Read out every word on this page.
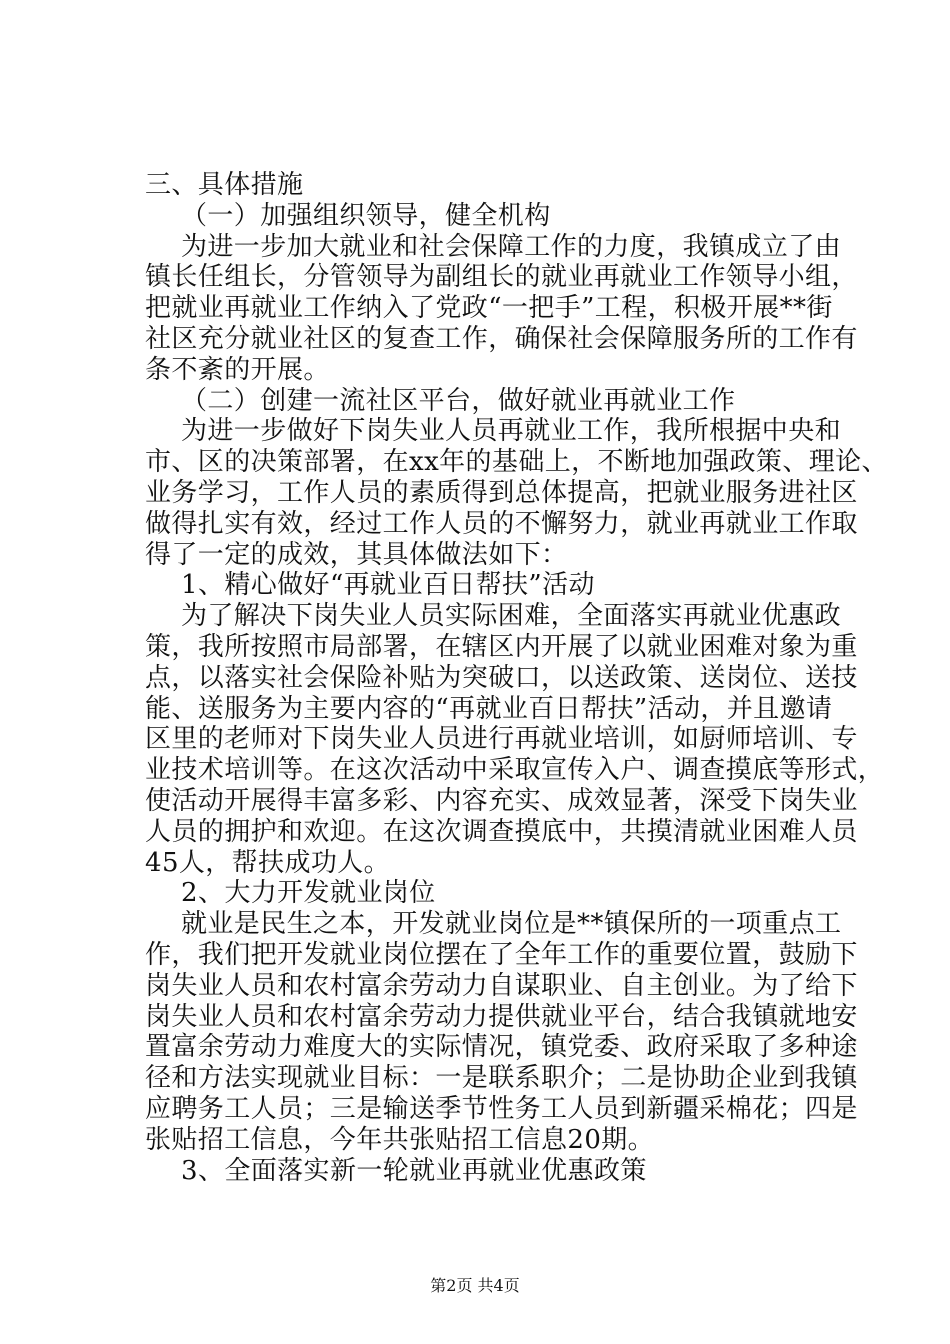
三、具体措施
（一）加强组织领导，健全机构
为进一步加大就业和社会保障工作的力度，我镇成立了由
镇长任组长，分管领导为副组长的就业再就业工作领导小组，
把就业再就业工作纳入了党政“一把手”工程，积极开展**街
社区充分就业社区的复查工作，确保社会保障服务所的工作有
条不紊的开展。
（二）创建一流社区平台，做好就业再就业工作
为进一步做好下岗失业人员再就业工作，我所根据中央和
市、区的决策部署，在xx年的基础上，不断地加强政策、理论、
业务学习，工作人员的素质得到总体提高，把就业服务进社区
做得扎实有效，经过工作人员的不懈努力，就业再就业工作取
得了一定的成效，其具体做法如下：
1、精心做好“再就业百日帮扶”活动
为了解决下岗失业人员实际困难，全面落实再就业优惠政
策，我所按照市局部署，在辖区内开展了以就业困难对象为重
点，以落实社会保险补贴为突破口，以送政策、送岗位、送技
能、送服务为主要内容的“再就业百日帮扶”活动，并且邀请
区里的老师对下岗失业人员进行再就业培训，如厨师培训、专
业技术培训等。在这次活动中采取宣传入户、调查摸底等形式，
使活动开展得丰富多彩、内容充实、成效显著，深受下岗失业
人员的拥护和欢迎。在这次调查摸底中，共摸清就业困难人员
45人，帮扶成功人。
2、大力开发就业岗位
就业是民生之本，开发就业岗位是**镇保所的一项重点工
作，我们把开发就业岗位摆在了全年工作的重要位置，鼓励下
岗失业人员和农村富余劳动力自谋职业、自主创业。为了给下
岗失业人员和农村富余劳动力提供就业平台，结合我镇就地安
置富余劳动力难度大的实际情况，镇党委、政府采取了多种途
径和方法实现就业目标：一是联系职介；二是协助企业到我镇
应聘务工人员；三是输送季节性务工人员到新疆采棉花；四是
张贴招工信息，今年共张贴招工信息20期。
3、全面落实新一轮就业再就业优惠政策
第2页 共4页
